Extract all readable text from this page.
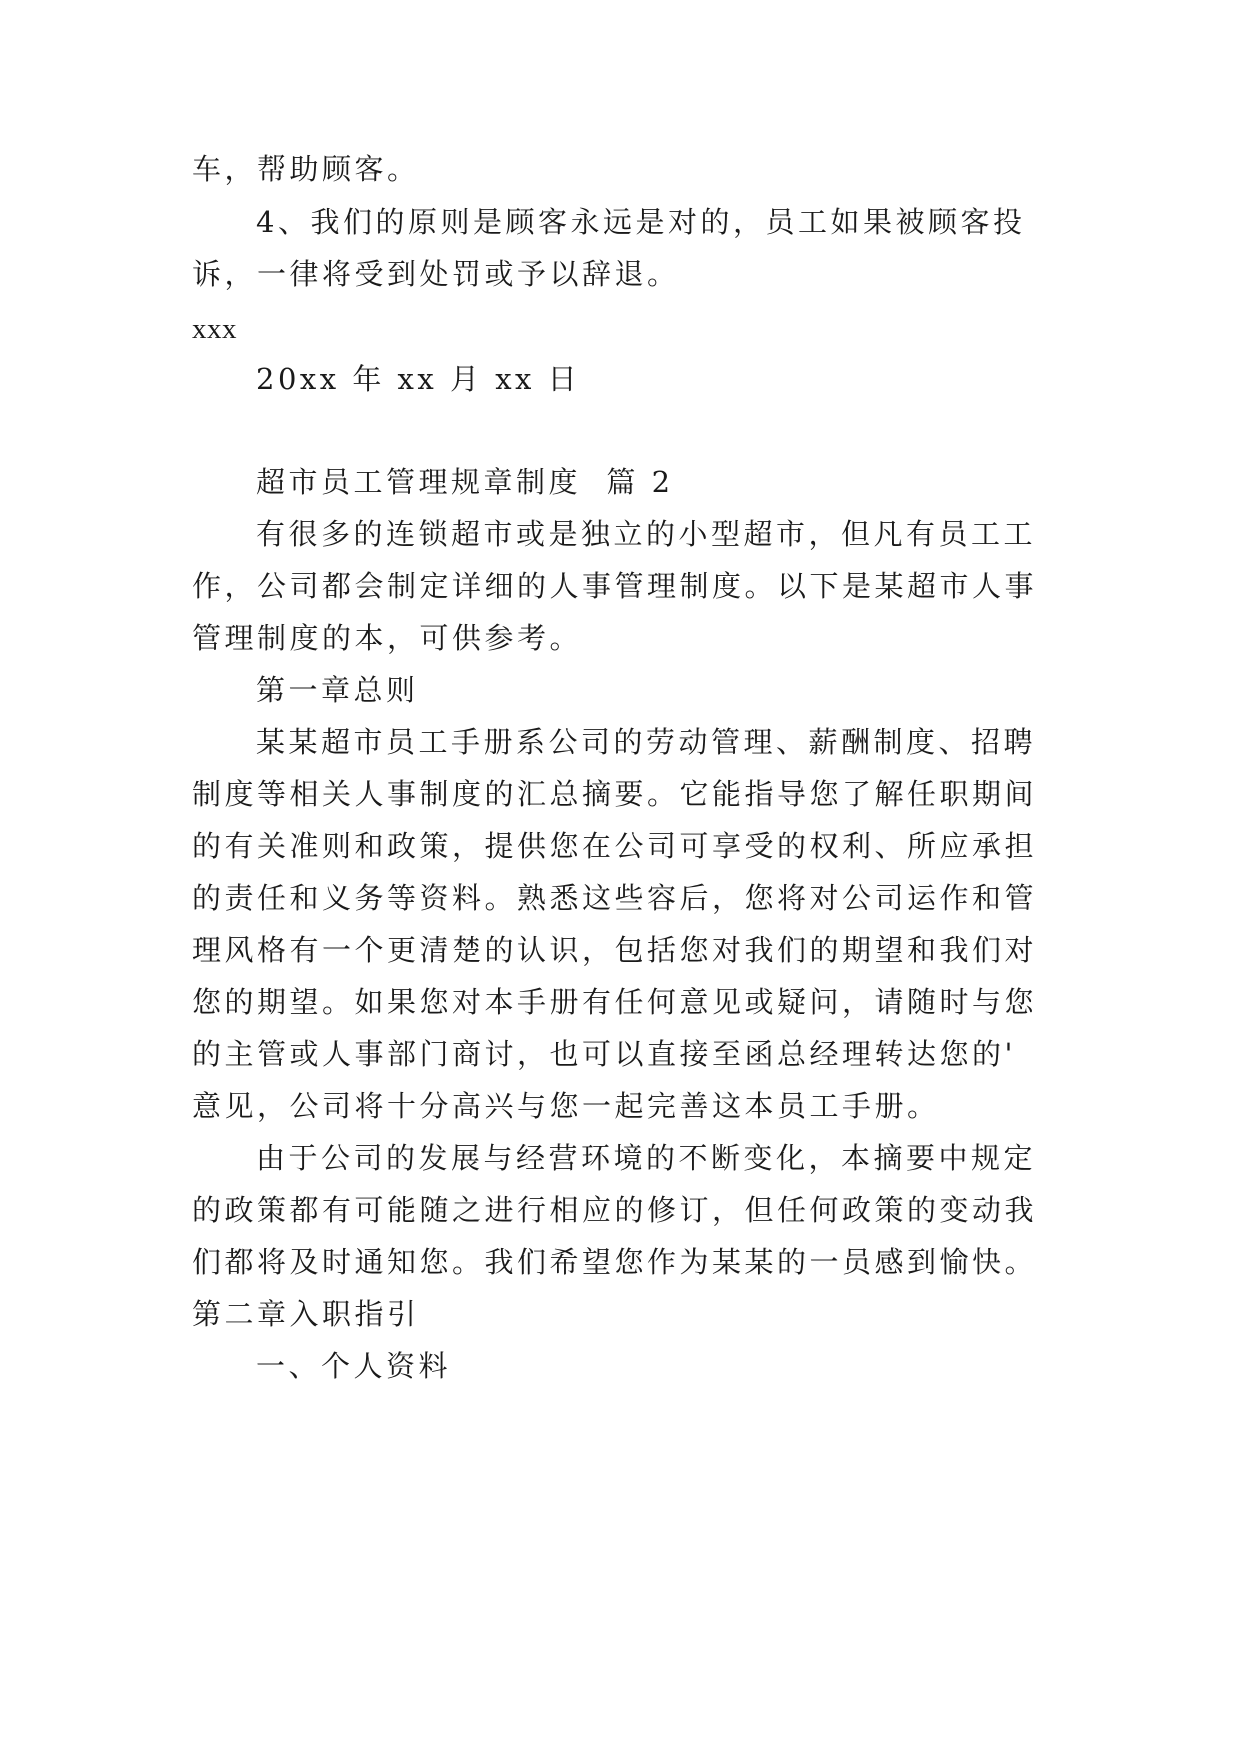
车，帮助顾客。
4、我们的原则是顾客永远是对的，员工如果被顾客投
诉，一律将受到处罚或予以辞退。
xxx
20xx 年 xx 月 xx 日
超市员工管理规章制度  篇 2
有很多的连锁超市或是独立的小型超市，但凡有员工工
作，公司都会制定详细的人事管理制度。以下是某超市人事
管理制度的本，可供参考。
第一章总则
某某超市员工手册系公司的劳动管理、薪酬制度、招聘
制度等相关人事制度的汇总摘要。它能指导您了解任职期间
的有关准则和政策，提供您在公司可享受的权利、所应承担
的责任和义务等资料。熟悉这些容后，您将对公司运作和管
理风格有一个更清楚的认识，包括您对我们的期望和我们对
您的期望。如果您对本手册有任何意见或疑问，请随时与您
的主管或人事部门商讨，也可以直接至函总经理转达您的'
意见，公司将十分高兴与您一起完善这本员工手册。
由于公司的发展与经营环境的不断变化，本摘要中规定
的政策都有可能随之进行相应的修订，但任何政策的变动我
们都将及时通知您。我们希望您作为某某的一员感到愉快。
第二章入职指引
一、个人资料
